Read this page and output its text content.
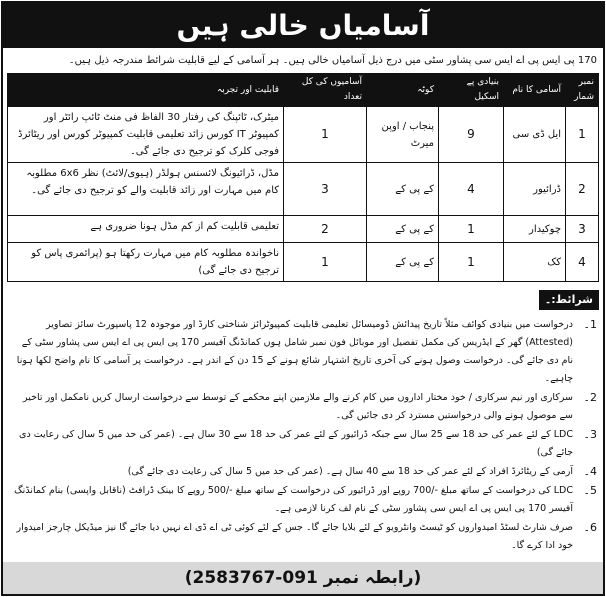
آسامیاں خالی ہیں
170 پی ایس پی اے ایس سی پشاور سٹی میں درج ذیل آسامیاں خالی ہیں۔ ہر آسامی کے لیے قابلیت شرائط مندرجہ ذیل ہیں۔
نمبر شمار	آسامی کا نام	بنیادی پے اسکیل	کوٹہ	آسامیوں کی کل تعداد	قابلیت اور تجربہ
1	ایل ڈی سی	9	پنجاب / اوپن میرٹ	1	میٹرک، ٹائپنگ کی رفتار 30 الفاظ فی منٹ ٹائپ رائٹر اور کمپیوٹر IT کورس زائد تعلیمی قابلیت کمپیوٹر کورس اور ریٹائرڈ فوجی کلرک کو ترجیح دی جائے گی۔
2	ڈرائیور	4	کے پی کے	3	مڈل، ڈرائیونگ لائسنس ہولڈر (ہیوی/لائٹ) نظر 6x6 مطلوبہ کام میں مہارت اور زائد قابلیت والے کو ترجیح دی جائے گی۔
3	چوکیدار	1	کے پی کے	2	تعلیمی قابلیت کم از کم مڈل ہونا ضروری ہے
4	کک	1	کے پی کے	1	ناخواندہ مطلوبہ کام میں مہارت رکھتا ہو (پرائمری پاس کو ترجیح دی جائے گی)
شرائط:۔
1۔
درخواست میں بنیادی کوائف مثلاً تاریخ پیدائش ڈومیسائل تعلیمی قابلیت کمپیوٹرائز شناختی کارڈ اور موجودہ 12 پاسپورٹ سائز تصاویر (Attested) گھر کے ایڈریس کی مکمل تفصیل اور موبائل فون نمبر شامل ہوں کمانڈنگ آفیسر 170 پی ایس پی اے ایس سی پشاور سٹی کے نام دی جائے گی۔ درخواست وصول ہونے کی آخری تاریخ اشتہار شائع ہونے کے 15 دن کے اندر ہے۔ درخواست پر آسامی کا نام واضح لکھا ہونا چاہیے۔
2۔
سرکاری اور نیم سرکاری / خود مختار اداروں میں کام کرنے والے ملازمین اپنے محکمے کے توسط سے درخواست ارسال کریں نامکمل اور تاخیر سے موصول ہونے والی درخواستیں مسترد کر دی جائیں گی۔
3۔
LDC کے لئے عمر کی حد 18 سے 25 سال سے جبکہ ڈرائیور کے لئے عمر کی حد 18 سے 30 سال ہے۔ (عمر کی حد میں 5 سال کی رعایت دی جائے گی)
4۔
آرمی کے ریٹائرڈ افراد کے لئے عمر کی حد 18 سے 40 سال ہے۔ (عمر کی حد میں 5 سال کی رعایت دی جائے گی)
5۔
LDC کی درخواست کے ساتھ مبلغ -/700 روپے اور ڈرائیور کی درخواست کے ساتھ مبلغ -/500 روپے کا بینک ڈرافٹ (ناقابل واپسی) بنام کمانڈنگ آفیسر 170 پی ایس پی اے ایس سی پشاور سٹی کے نام لف کرنا لازمی ہے۔
6۔
صرف شارٹ لسٹڈ امیدواروں کو ٹیسٹ وانٹرویو کے لئے بلایا جائے گا۔ جس کے لئے کوئی ٹی اے ڈی اے نہیں دیا جائے گا نیز میڈیکل چارجز امیدوار خود ادا کرے گا۔
(رابطہ نمبر 091-2583767)
